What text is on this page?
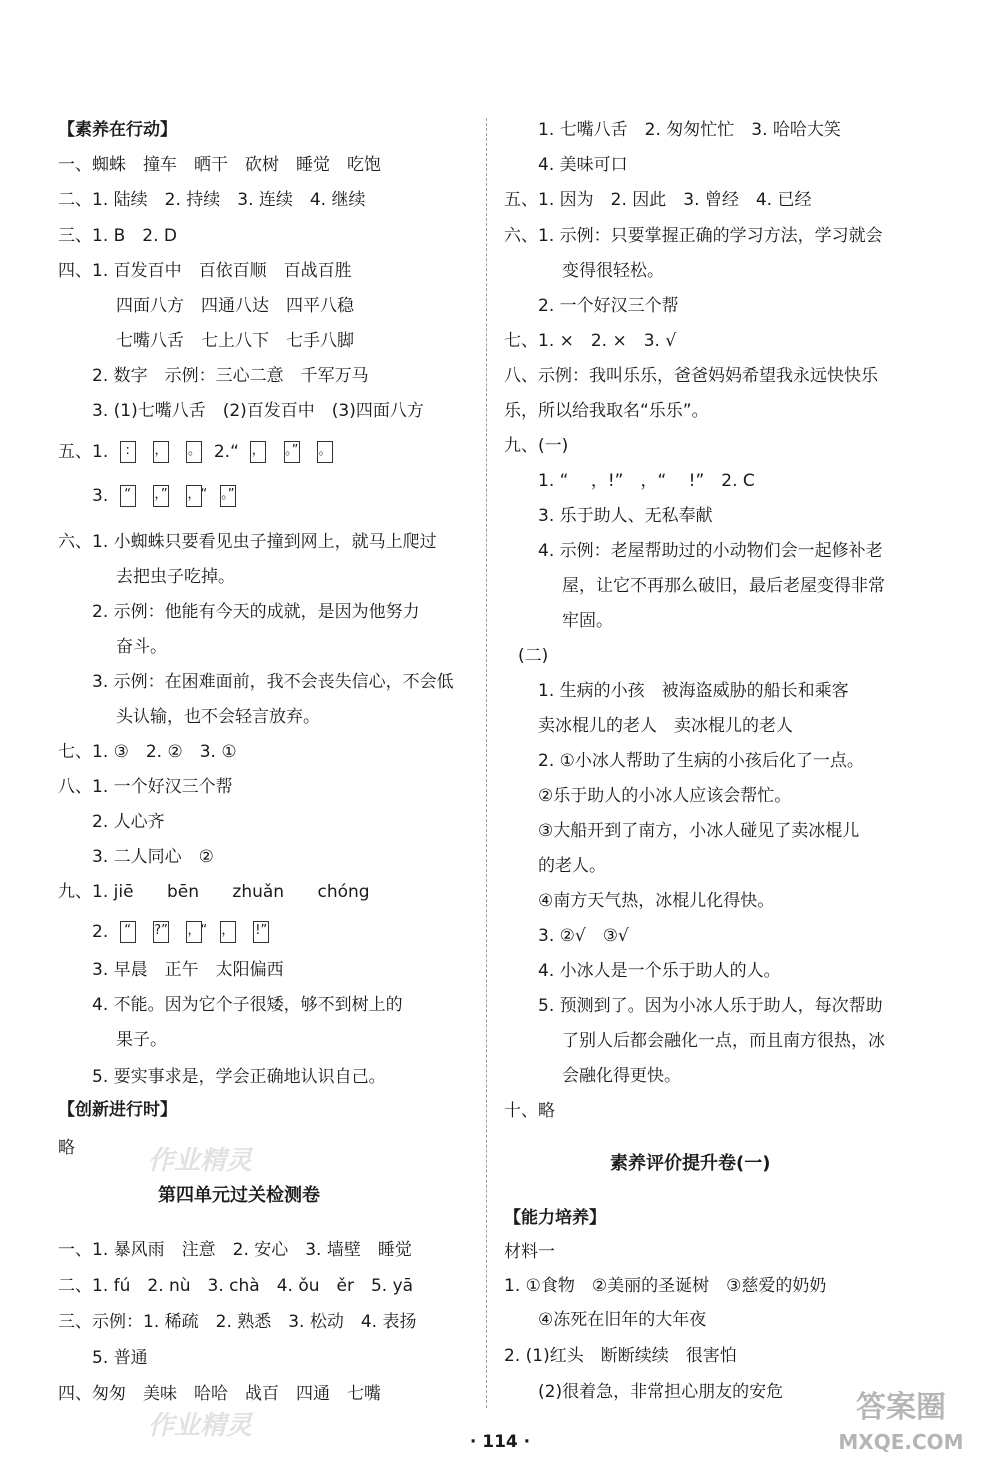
【素养在行动】
一、蜘蛛　撞车　晒干　砍树　睡觉　吃饱
二、1. 陆续　2. 持续　3. 连续　4. 继续
三、1. B　2. D
四、1. 百发百中　百依百顺　百战百胜
四面八方　四通八达　四平八稳
七嘴八舌　七上八下　七手八脚
2. 数字　示例：三心二意　千军万马
3. (1)七嘴八舌　(2)百发百中　(3)四面八方
五、1. : ， 。 2.“ ， 。” 。
3. “ ，” ，“ 。”
六、1. 小蜘蛛只要看见虫子撞到网上，就马上爬过
去把虫子吃掉。
2. 示例：他能有今天的成就，是因为他努力
奋斗。
3. 示例：在困难面前，我不会丧失信心，不会低
头认输，也不会轻言放弃。
七、1. ③　2. ②　3. ①
八、1. 一个好汉三个帮
2. 人心齐
3. 二人同心　②
九、1. jiē bēn zhuǎn chóng
2. “ ?” ，“ ， !”
3. 早晨　正午　太阳偏西
4. 不能。因为它个子很矮，够不到树上的
果子。
5. 要实事求是，学会正确地认识自己。
【创新进行时】
略	作业精灵
第四单元过关检测卷
一、1. 暴风雨　注意　2. 安心　3. 墙壁　睡觉
二、1. fú　2. nù　3. chà　4. ǒu　ěr　5. yā
三、示例：1. 稀疏　2. 熟悉　3. 松动　4. 表扬
5. 普通
四、匆匆　美味　哈哈　战百　四通　七嘴
作业精灵
1. 七嘴八舌　2. 匆匆忙忙　3. 哈哈大笑
4. 美味可口
五、1. 因为　2. 因此　3. 曾经　4. 已经
六、1. 示例：只要掌握正确的学习方法，学习就会
变得很轻松。
2. 一个好汉三个帮
七、1. ×　2. ×　3. √
八、示例：我叫乐乐，爸爸妈妈希望我永远快快乐
乐，所以给我取名“乐乐”。
九、(一)
1. “　 ，!”　，“　 !”　2. C
3. 乐于助人、无私奉献
4. 示例：老屋帮助过的小动物们会一起修补老
屋，让它不再那么破旧，最后老屋变得非常
牢固。
(二)
1. 生病的小孩　被海盗威胁的船长和乘客
卖冰棍儿的老人　卖冰棍儿的老人
2. ①小冰人帮助了生病的小孩后化了一点。
②乐于助人的小冰人应该会帮忙。
③大船开到了南方，小冰人碰见了卖冰棍儿
的老人。
④南方天气热，冰棍儿化得快。
3. ②√　③√
4. 小冰人是一个乐于助人的人。
5. 预测到了。因为小冰人乐于助人，每次帮助
了别人后都会融化一点，而且南方很热，冰
会融化得更快。
十、略
素养评价提升卷(一)
【能力培养】
材料一
1. ①食物　②美丽的圣诞树　③慈爱的奶奶
④冻死在旧年的大年夜
2. (1)红头　断断续续　很害怕
(2)很着急，非常担心朋友的安危
· 114 ·
答案圈
MXQE.COM
